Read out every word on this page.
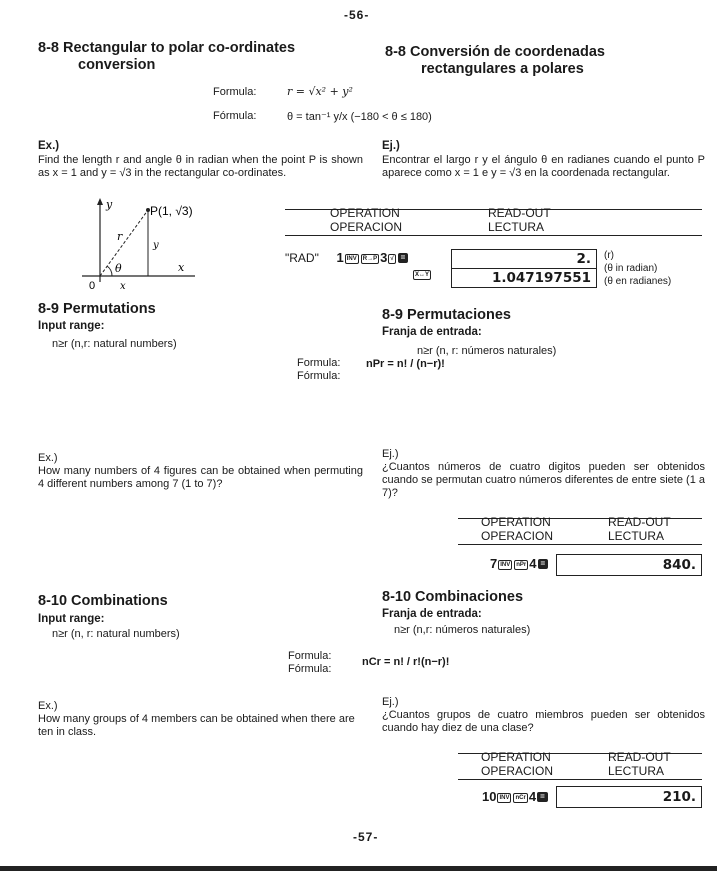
-56-
8-8 Rectangular to polar co-ordinates
conversion
8-8 Conversión de coordenadas
rectangulares a polares
Formula:
Fórmula:
r = √x² + y²
θ = tan⁻¹ y/x (−180 < θ ≤ 180)
Ex.)
Find the length r and angle θ in radian when the point P is shown as x = 1 and y = √3 in the rectangular co-ordinates.
Ej.)
Encontrar el largo r y el ángulo θ en radianes cuando el punto P aparece como x = 1 e y = √3 en la coordenada rectangular.
P(1, √3)
y
x
0
r
θ
y
x
OPERATION
OPERACION
READ-OUT
LECTURA
"RAD" 1 INV R→P 3 √ =
X↔Y
2.
1.047197551
(r)
(θ in radian)
(θ en radianes)
8-9 Permutations
Input range:
n≥r (n,r: natural numbers)
8-9 Permutaciones
Franja de entrada:
n≥r (n, r: números naturales)
Formula:
Fórmula:
nPr = n! / (n−r)!
Ex.)
How many numbers of 4 figures can be obtained when permuting 4 different numbers among 7 (1 to 7)?
Ej.)
¿Cuantos números de cuatro digitos pueden ser obtenidos cuando se permutan cuatro números diferentes de entre siete (1 a 7)?
OPERATION
OPERACION
READ-OUT
LECTURA
7 INV nPr 4 =	840.
8-10 Combinations
Input range:
n≥r (n, r: natural numbers)
8-10 Combinaciones
Franja de entrada:
n≥r (n,r: números naturales)
Formula:
Fórmula:
nCr = n! / r!(n−r)!
Ex.)
How many groups of 4 members can be obtained when there are ten in class.
Ej.)
¿Cuantos grupos de cuatro miembros pueden ser obtenidos cuando hay diez de una clase?
OPERATION
OPERACION
READ-OUT
LECTURA
10 INV nCr 4 =	210.
-57-
